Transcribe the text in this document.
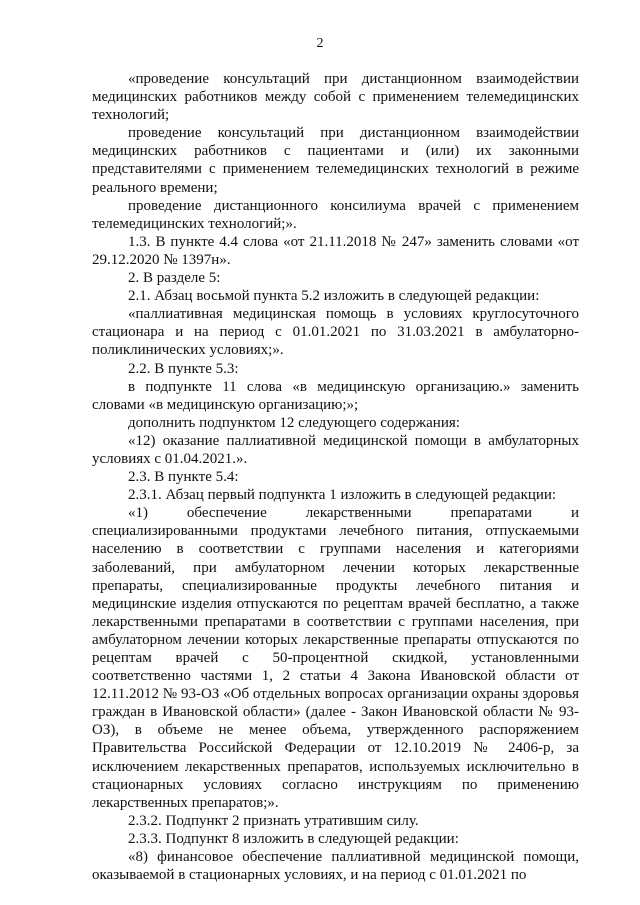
2

«проведение консультаций при дистанционном взаимодействии медицинских работников между собой с применением телемедицинских технологий;

проведение консультаций при дистанционном взаимодействии медицинских работников с пациентами и (или) их законными представителями с применением телемедицинских технологий в режиме реального времени;

проведение дистанционного консилиума врачей с применением телемедицинских технологий;».

1.3. В пункте 4.4 слова «от 21.11.2018 № 247» заменить словами «от 29.12.2020 № 1397н».

2. В разделе 5:

2.1. Абзац восьмой пункта 5.2 изложить в следующей редакции:

«паллиативная медицинская помощь в условиях круглосуточного стационара и на период с 01.01.2021 по 31.03.2021 в амбулаторно-поликлинических условиях;».

2.2. В пункте 5.3:

в подпункте 11 слова «в медицинскую организацию.» заменить словами «в медицинскую организацию;»;

дополнить подпунктом 12 следующего содержания:

«12) оказание паллиативной медицинской помощи в амбулаторных условиях с 01.04.2021.».

2.3. В пункте 5.4:

2.3.1. Абзац первый подпункта 1 изложить в следующей редакции:

«1) обеспечение лекарственными препаратами и специализированными продуктами лечебного питания, отпускаемыми населению в соответствии с группами населения и категориями заболеваний, при амбулаторном лечении которых лекарственные препараты, специализированные продукты лечебного питания и медицинские изделия отпускаются по рецептам врачей бесплатно, а также лекарственными препаратами в соответствии с группами населения, при амбулаторном лечении которых лекарственные препараты отпускаются по рецептам врачей с 50-процентной скидкой, установленными соответственно частями 1, 2 статьи 4 Закона Ивановской области от 12.11.2012 № 93-ОЗ «Об отдельных вопросах организации охраны здоровья граждан в Ивановской области» (далее - Закон Ивановской области № 93-ОЗ), в объеме не менее объема, утвержденного распоряжением Правительства Российской Федерации от 12.10.2019 № 2406-р, за исключением лекарственных препаратов, используемых исключительно в стационарных условиях согласно инструкциям по применению лекарственных препаратов;».

2.3.2. Подпункт 2 признать утратившим силу.

2.3.3. Подпункт 8 изложить в следующей редакции:

«8) финансовое обеспечение паллиативной медицинской помощи, оказываемой в стационарных условиях, и на период с 01.01.2021 по
